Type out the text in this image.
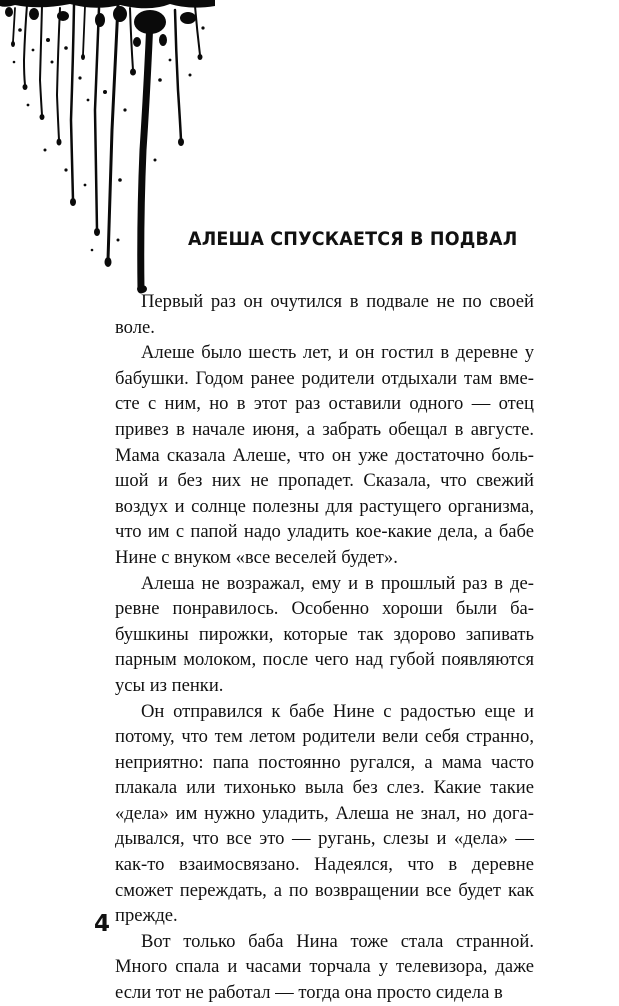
АЛЕША СПУСКАЕТСЯ В ПОДВАЛ

Первый раз он очутился в подвале не по своей воле.

Алеше было шесть лет, и он гостил в деревне у бабушки. Годом ранее родители отдыхали там вместе с ним, но в этот раз оставили одного — отец привез в начале июня, а забрать обещал в августе. Мама сказала Алеше, что он уже достаточно большой и без них не пропадет. Сказала, что свежий воздух и солнце полезны для растущего организма, что им с папой надо уладить кое-какие дела, а бабе Нине с внуком «все веселей будет».

Алеша не возражал, ему и в прошлый раз в деревне понравилось. Особенно хороши были бабушкины пирожки, которые так здорово запивать парным молоком, после чего над губой появляются усы из пенки.

Он отправился к бабе Нине с радостью еще и потому, что тем летом родители вели себя странно, неприятно: папа постоянно ругался, а мама часто плакала или тихонько выла без слез. Какие такие «дела» им нужно уладить, Алеша не знал, но догадывался, что все это — ругань, слезы и «дела» — как-то взаимосвязано. Надеялся, что в деревне сможет переждать, а по возвращении все будет как прежде.

Вот только баба Нина тоже стала странной. Много спала и часами торчала у телевизора, даже если тот не работал — тогда она просто сидела в

4
